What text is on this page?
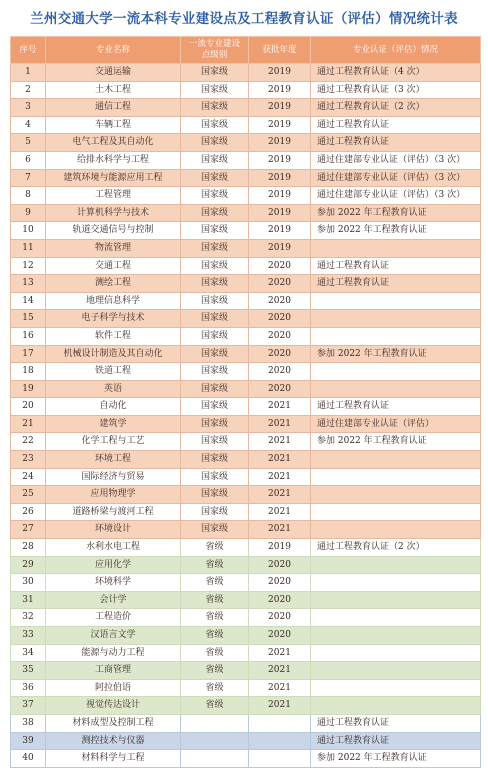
兰州交通大学一流本科专业建设点及工程教育认证（评估）情况统计表
序号	专业名称	一流专业建设点级别	获批年度	专业认证（评估）情况
1	交通运输	国家级	2019	通过工程教育认证（4 次）
2	土木工程	国家级	2019	通过工程教育认证（3 次）
3	通信工程	国家级	2019	通过工程教育认证（2 次）
4	车辆工程	国家级	2019	通过工程教育认证
5	电气工程及其自动化	国家级	2019	通过工程教育认证
6	给排水科学与工程	国家级	2019	通过住建部专业认证（评估）（3 次）
7	建筑环境与能源应用工程	国家级	2019	通过住建部专业认证（评估）（3 次）
8	工程管理	国家级	2019	通过住建部专业认证（评估）（3 次）
9	计算机科学与技术	国家级	2019	参加 2022 年工程教育认证
10	轨道交通信号与控制	国家级	2019	参加 2022 年工程教育认证
11	物流管理	国家级	2019	
12	交通工程	国家级	2020	通过工程教育认证
13	测绘工程	国家级	2020	通过工程教育认证
14	地理信息科学	国家级	2020	
15	电子科学与技术	国家级	2020	
16	软件工程	国家级	2020	
17	机械设计制造及其自动化	国家级	2020	参加 2022 年工程教育认证
18	铁道工程	国家级	2020	
19	英语	国家级	2020	
20	自动化	国家级	2021	通过工程教育认证
21	建筑学	国家级	2021	通过住建部专业认证（评估）
22	化学工程与工艺	国家级	2021	参加 2022 年工程教育认证
23	环境工程	国家级	2021	
24	国际经济与贸易	国家级	2021	
25	应用物理学	国家级	2021	
26	道路桥梁与渡河工程	国家级	2021	
27	环境设计	国家级	2021	
28	水利水电工程	省级	2019	通过工程教育认证（2 次）
29	应用化学	省级	2020	
30	环境科学	省级	2020	
31	会计学	省级	2020	
32	工程造价	省级	2020	
33	汉语言文学	省级	2020	
34	能源与动力工程	省级	2021	
35	工商管理	省级	2021	
36	阿拉伯语	省级	2021	
37	视觉传达设计	省级	2021	
38	材料成型及控制工程			通过工程教育认证
39	测控技术与仪器			通过工程教育认证
40	材料科学与工程			参加 2022 年工程教育认证
